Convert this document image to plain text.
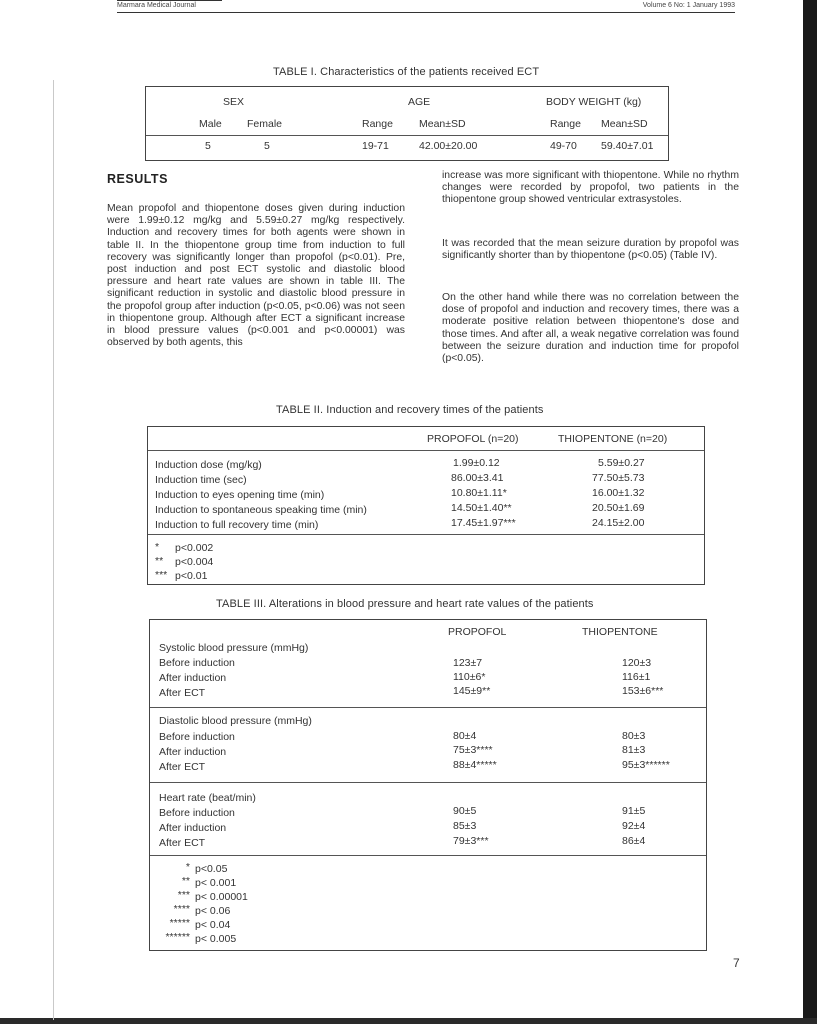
Marmara Medical Journal	Volume 6 No: 1 January 1993
TABLE I. Characteristics of the patients received ECT
SEX	AGE	BODY WEIGHT (kg)
Male Female	Range Mean±SD	Range Mean±SD
5	5	19-71	42.00±20.00	49-70 59.40±7.01
RESULTS

Mean propofol and thiopentone doses given during induction were 1.99±0.12 mg/kg and 5.59±0.27 mg/kg respectively. Induction and recovery times for both agents were shown in table II. In the thiopentone group time from induction to full recovery was significantly longer than propofol (p<0.01). Pre, post induction and post ECT systolic and diastolic blood pressure and heart rate values are shown in table III. The significant reduction in systolic and diastolic blood pressure in the propofol group after induction (p<0.05, p<0.06) was not seen in thiopentone group. Although after ECT a significant increase in blood pressure values (p<0.001 and p<0.00001) was observed by both agents, this

increase was more significant with thiopentone. While no rhythm changes were recorded by propofol, two patients in the thiopentone group showed ventricular extrasystoles.

It was recorded that the mean seizure duration by propofol was significantly shorter than by thiopentone (p<0.05) (Table IV).

On the other hand while there was no correlation between the dose of propofol and induction and recovery times, there was a moderate positive relation between thiopentone's dose and those times. And after all, a weak negative correlation was found between the seizure duration and induction time for propofol (p<0.05).

TABLE II. Induction and recovery times of the patients
PROPOFOL (n=20)	THIOPENTONE (n=20)
Induction dose (mg/kg)	1.99±0.12	5.59±0.27
Induction time (sec)	86.00±3.41	77.50±5.73
Induction to eyes opening time (min)	10.80±1.11*	16.00±1.32
Induction to spontaneous speaking time (min)	14.50±1.40**	20.50±1.69
Induction to full recovery time (min)	17.45±1.97***	24.15±2.00
* p<0.002
** p<0.004
*** p<0.01
TABLE III. Alterations in blood pressure and heart rate values of the patients
PROPOFOL	THIOPENTONE
Systolic blood pressure (mmHg)
Before induction	123±7	120±3
After induction	110±6*	116±1
After ECT	145±9**	153±6***
Diastolic blood pressure (mmHg)
Before induction	80±4	80±3
After induction	75±3****	81±3
After ECT	88±4*****	95±3******
Heart rate (beat/min)
Before induction	90±5	91±5
After induction	85±3	92±4
After ECT	79±3***	86±4
* p<0.05
** p< 0.001
*** p< 0.00001
**** p< 0.06
***** p< 0.04
****** p< 0.005
7
